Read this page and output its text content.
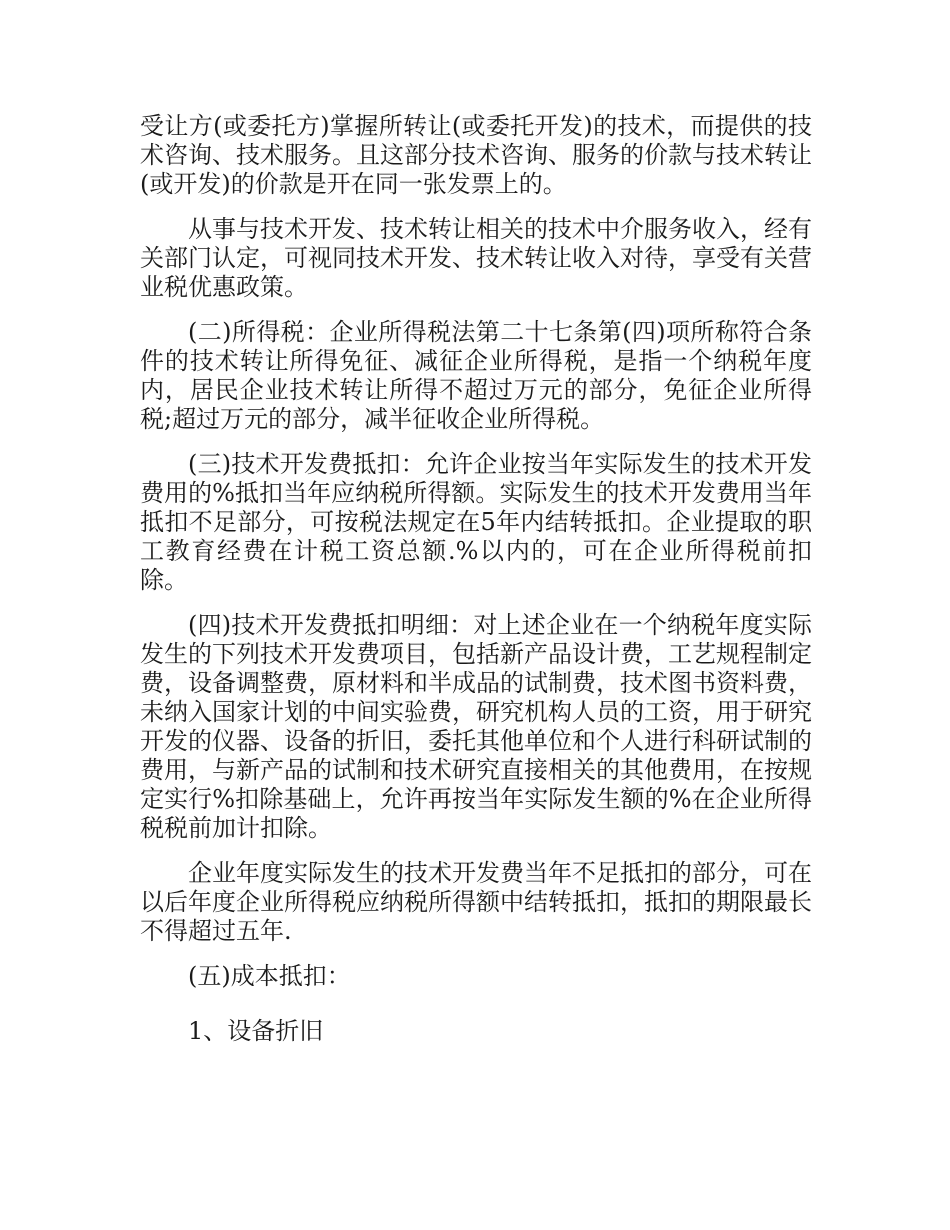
受让方(或委托方)掌握所转让(或委托开发)的技术，而提供的技术咨询、技术服务。且这部分技术咨询、服务的价款与技术转让(或开发)的价款是开在同一张发票上的。

从事与技术开发、技术转让相关的技术中介服务收入，经有关部门认定，可视同技术开发、技术转让收入对待，享受有关营业税优惠政策。

(二)所得税：企业所得税法第二十七条第(四)项所称符合条件的技术转让所得免征、减征企业所得税，是指一个纳税年度内，居民企业技术转让所得不超过万元的部分，免征企业所得税;超过万元的部分，减半征收企业所得税。

(三)技术开发费抵扣：允许企业按当年实际发生的技术开发费用的%抵扣当年应纳税所得额。实际发生的技术开发费用当年抵扣不足部分，可按税法规定在5年内结转抵扣。企业提取的职工教育经费在计税工资总额.%以内的，可在企业所得税前扣除。

(四)技术开发费抵扣明细：对上述企业在一个纳税年度实际发生的下列技术开发费项目，包括新产品设计费，工艺规程制定费，设备调整费，原材料和半成品的试制费，技术图书资料费，未纳入国家计划的中间实验费，研究机构人员的工资，用于研究开发的仪器、设备的折旧，委托其他单位和个人进行科研试制的费用，与新产品的试制和技术研究直接相关的其他费用，在按规定实行%扣除基础上，允许再按当年实际发生额的%在企业所得税税前加计扣除。

企业年度实际发生的技术开发费当年不足抵扣的部分，可在以后年度企业所得税应纳税所得额中结转抵扣，抵扣的期限最长不得超过五年.

(五)成本抵扣：

1、设备折旧
